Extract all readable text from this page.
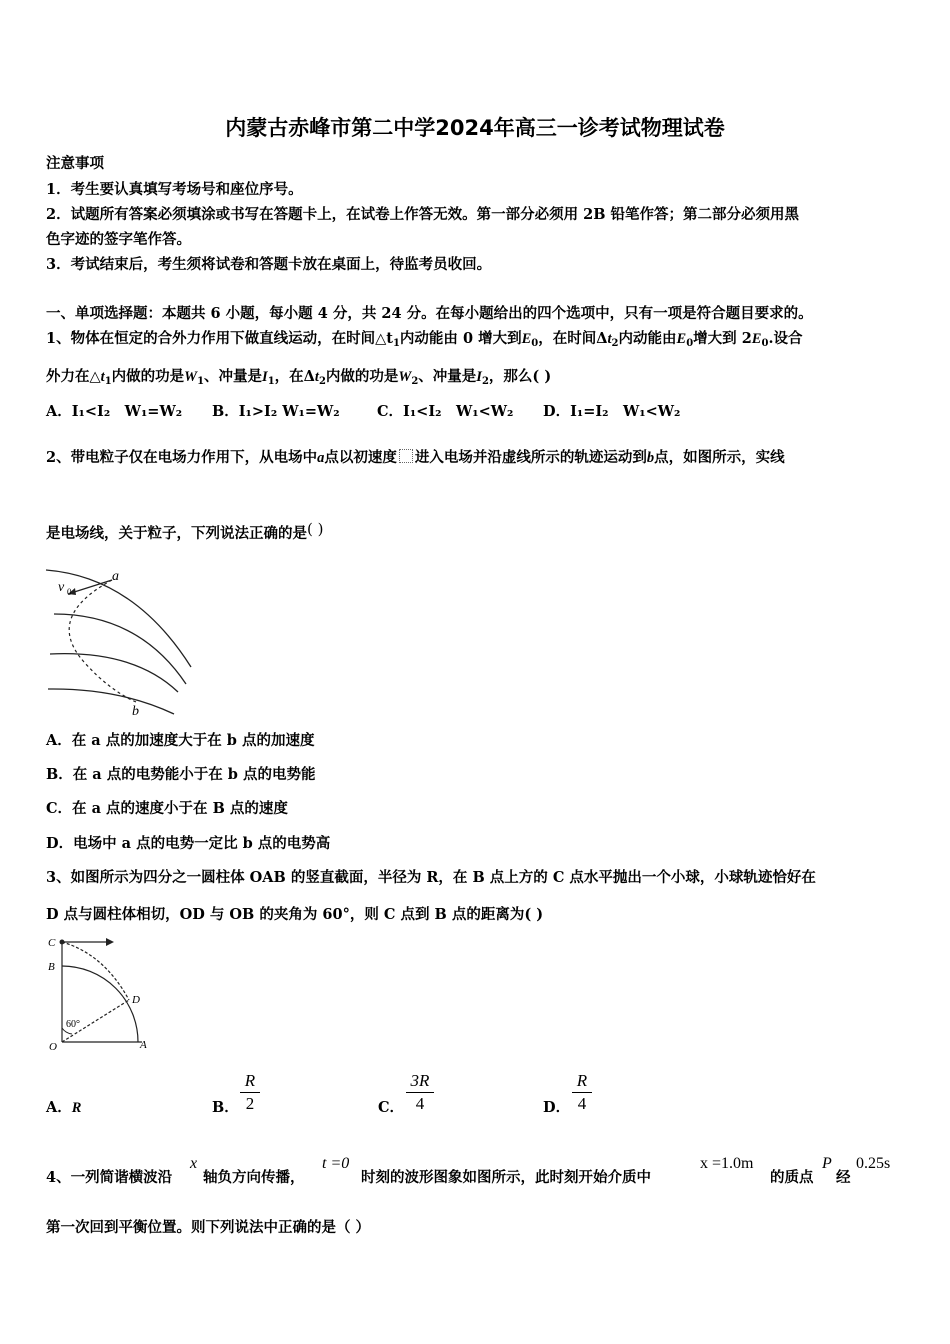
内蒙古赤峰市第二中学2024年高三一诊考试物理试卷
注意事项
1．考生要认真填写考场号和座位序号。
2．试题所有答案必须填涂或书写在答题卡上，在试卷上作答无效。第一部分必须用 2B 铅笔作答；第二部分必须用黑
色字迹的签字笔作答。
3．考试结束后，考生须将试卷和答题卡放在桌面上，待监考员收回。
一、单项选择题：本题共 6 小题，每小题 4 分，共 24 分。在每小题给出的四个选项中，只有一项是符合题目要求的。
1、物体在恒定的合外力作用下做直线运动，在时间$\triangle t_1$内动能由 0 增大到$E_0$，在时间$\Delta t_2$内动能由$E_0$增大到 $2E_0$.设合
外力在$\triangle t_1$内做的功是$W_1$、冲量是$I_1$，在$\Delta t_2$内做的功是$W_2$、冲量是$I_2$，那么( )
A．I₁<I₂　W₁=W₂ B．I₁>I₂ W₁=W₂	C．I₁<I₂　W₁<W₂ D．I₁=I₂　W₁<W₂
2、带电粒子仅在电场力作用下，从电场中a点以初速度 进入电场并沿虚线所示的轨迹运动到b点，如图所示，实线
是电场线，关于粒子，下列说法正确的是( )
a
v 0
b
A．在 a 点的加速度大于在 b 点的加速度
B．在 a 点的电势能小于在 b 点的电势能
C．在 a 点的速度小于在 B 点的速度
D．电场中 a 点的电势一定比 b 点的电势高
3、如图所示为四分之一圆柱体 OAB 的竖直截面，半径为 R，在 B 点上方的 C 点水平抛出一个小球，小球轨迹恰好在
D 点与圆柱体相切，OD 与 OB 的夹角为 60°，则 C 点到 B 点的距离为( )
C
B
D
O	A
60°
A．R	B．
R
2	C．
3R
4	D．
R
4
4、一列简谐横波沿
x
轴负方向传播，
t =0
时刻的波形图象如图所示，此时刻开始介质中
x =1.0m
的质点
P
经
0.25s
第一次回到平衡位置。则下列说法中正确的是（ ）
